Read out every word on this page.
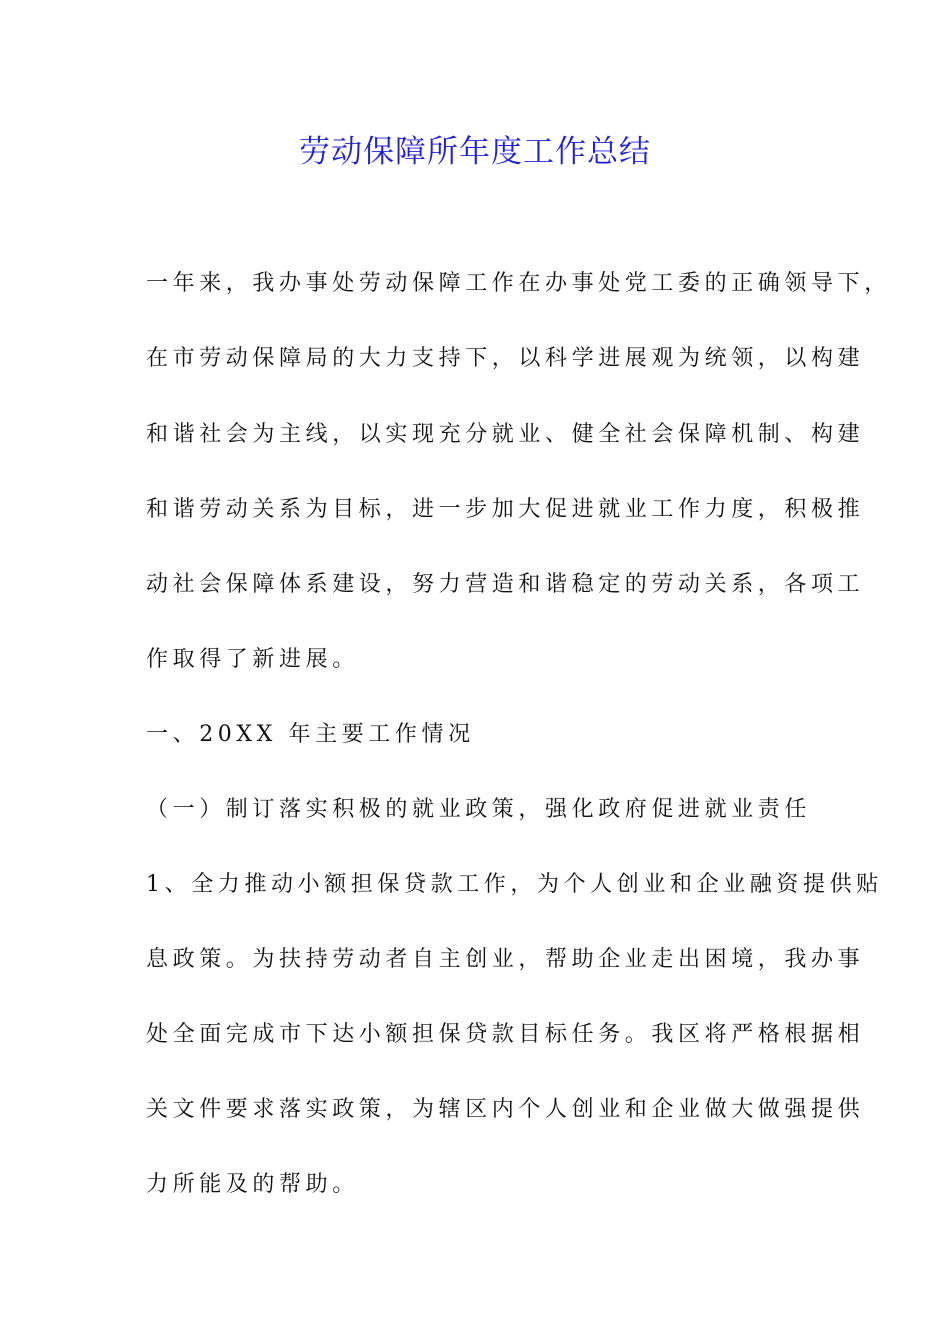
劳动保障所年度工作总结

一年来，我办事处劳动保障工作在办事处党工委的正确领导下，

在市劳动保障局的大力支持下，以科学进展观为统领，以构建

和谐社会为主线，以实现充分就业、健全社会保障机制、构建

和谐劳动关系为目标，进一步加大促进就业工作力度，积极推

动社会保障体系建设，努力营造和谐稳定的劳动关系，各项工

作取得了新进展。

一、20XX 年主要工作情况

（一）制订落实积极的就业政策，强化政府促进就业责任

1、全力推动小额担保贷款工作，为个人创业和企业融资提供贴

息政策。为扶持劳动者自主创业，帮助企业走出困境，我办事

处全面完成市下达小额担保贷款目标任务。我区将严格根据相

关文件要求落实政策，为辖区内个人创业和企业做大做强提供

力所能及的帮助。
